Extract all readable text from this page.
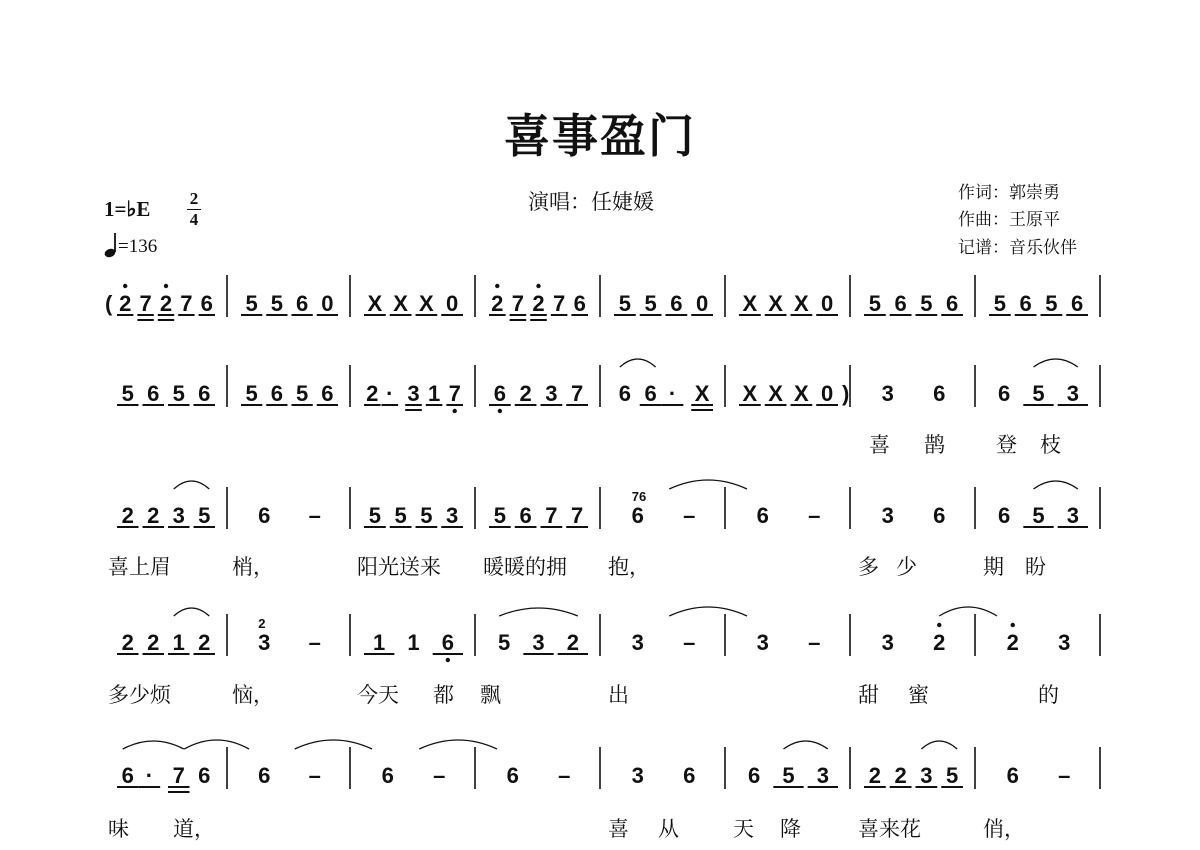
喜事盈门
演唱：任婕媛	作词：郭崇勇
作曲：王原平
记谱：音乐伙伴
1=♭E 2
4
=136
( 2 7 2 7 6 5 5 6 0 X X X 0 2 7 2 7 6 5 5 6 0 X X X 0 5 6 5 6 5 6 5 6
5 6 5 6 5 6 5 6 2 · 3 1 7 6 2 3 7 6 6 · X X X X 0 ) 3 6 6 5 3
喜 鹊 登 枝
2 2 3 5 6 – 5 5 5 3 5 6 7 7 6
76
–	6 –	3 6 6 5 3
喜上眉	梢，	阳光送来 暖暖的拥 抱，	多 少	期 盼
2 2 1 2 3
2
– 1 1 6 5 3 2 3 –	3 –	3 2	2 3
多少烦	恼，	今天 都 飘	出	甜 蜜	的
6 · 7 6 6 –	6 –	6 –	3 6 6 5 3 2 2 3 5 6 –
味 道，	喜 从	天 降	喜来花	俏，
